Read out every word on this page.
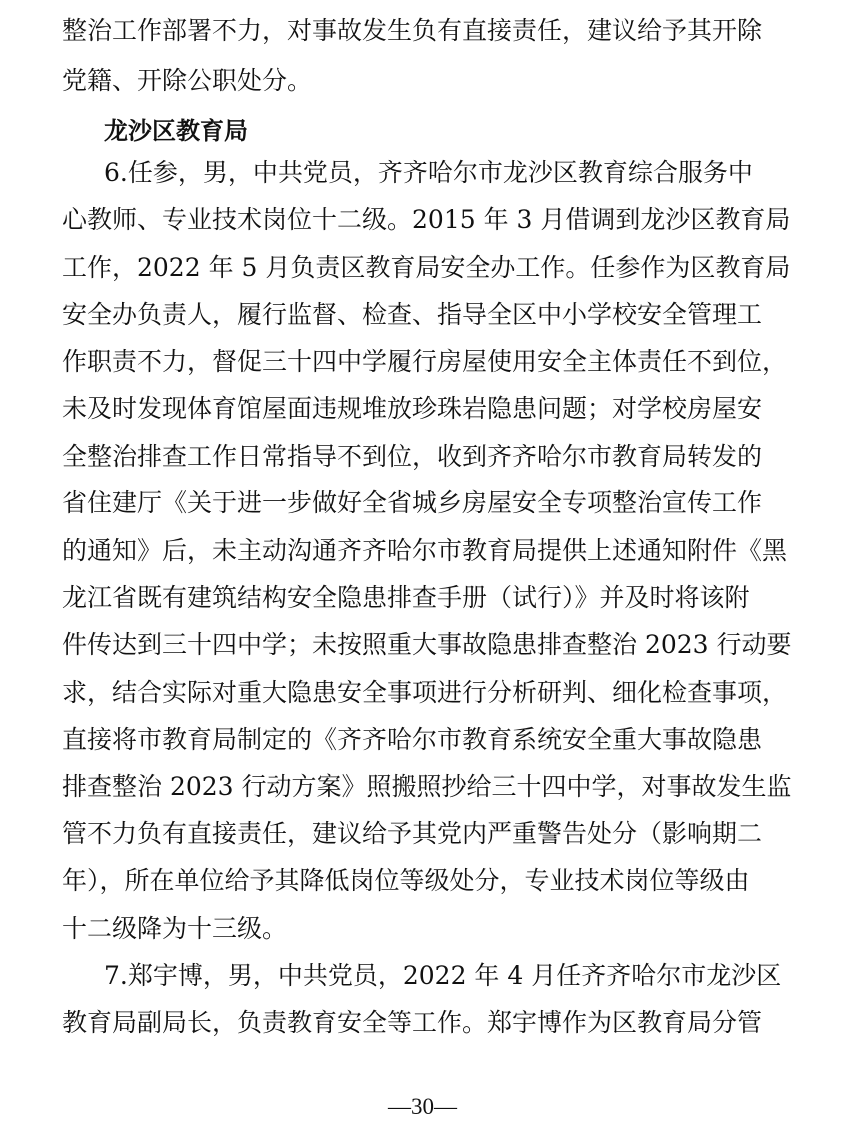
整治工作部署不力，对事故发生负有直接责任，建议给予其开除
党籍、开除公职处分。
龙沙区教育局
6.任参，男，中共党员，齐齐哈尔市龙沙区教育综合服务中
心教师、专业技术岗位十二级。2015 年 3 月借调到龙沙区教育局
工作，2022 年 5 月负责区教育局安全办工作。任参作为区教育局
安全办负责人，履行监督、检查、指导全区中小学校安全管理工
作职责不力，督促三十四中学履行房屋使用安全主体责任不到位，
未及时发现体育馆屋面违规堆放珍珠岩隐患问题；对学校房屋安
全整治排查工作日常指导不到位，收到齐齐哈尔市教育局转发的
省住建厅《关于进一步做好全省城乡房屋安全专项整治宣传工作
的通知》后，未主动沟通齐齐哈尔市教育局提供上述通知附件《黑
龙江省既有建筑结构安全隐患排查手册（试行）》并及时将该附
件传达到三十四中学；未按照重大事故隐患排查整治 2023 行动要
求，结合实际对重大隐患安全事项进行分析研判、细化检查事项，
直接将市教育局制定的《齐齐哈尔市教育系统安全重大事故隐患
排查整治 2023 行动方案》照搬照抄给三十四中学，对事故发生监
管不力负有直接责任，建议给予其党内严重警告处分（影响期二
年），所在单位给予其降低岗位等级处分，专业技术岗位等级由
十二级降为十三级。
7.郑宇博，男，中共党员，2022 年 4 月任齐齐哈尔市龙沙区
教育局副局长，负责教育安全等工作。郑宇博作为区教育局分管
—30—
